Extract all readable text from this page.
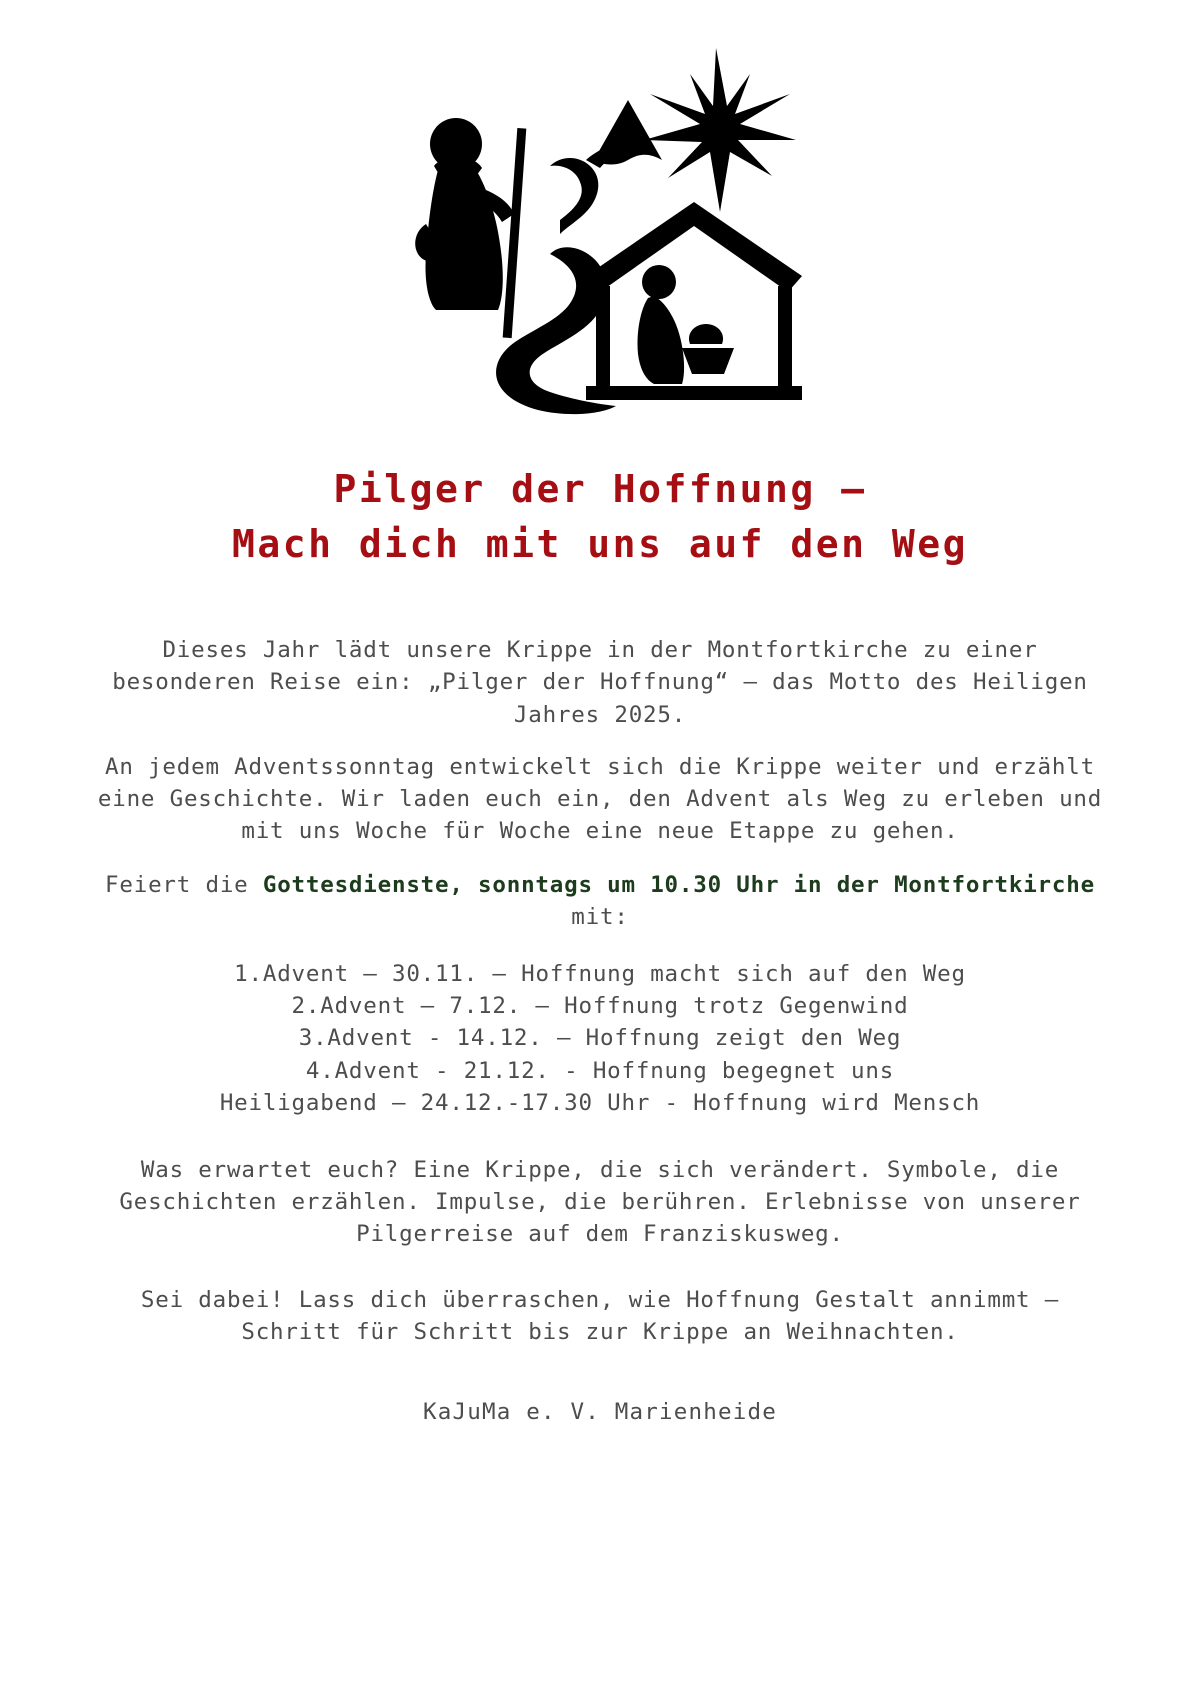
Pilger der Hoffnung –
Mach dich mit uns auf den Weg

Dieses Jahr lädt unsere Krippe in der Montfortkirche zu einer besonderen Reise ein: „Pilger der Hoffnung“ – das Motto des Heiligen Jahres 2025.

An jedem Adventssonntag entwickelt sich die Krippe weiter und erzählt eine Geschichte. Wir laden euch ein, den Advent als Weg zu erleben und mit uns Woche für Woche eine neue Etappe zu gehen.

Feiert die Gottesdienste, sonntags um 10.30 Uhr in der Montfortkirche mit:

1.Advent – 30.11. – Hoffnung macht sich auf den Weg
2.Advent – 7.12. – Hoffnung trotz Gegenwind
3.Advent - 14.12. – Hoffnung zeigt den Weg
4.Advent - 21.12. - Hoffnung begegnet uns
Heiligabend – 24.12.-17.30 Uhr - Hoffnung wird Mensch

Was erwartet euch? Eine Krippe, die sich verändert. Symbole, die Geschichten erzählen. Impulse, die berühren. Erlebnisse von unserer Pilgerreise auf dem Franziskusweg.

Sei dabei! Lass dich überraschen, wie Hoffnung Gestalt annimmt – Schritt für Schritt bis zur Krippe an Weihnachten.

KaJuMa e. V. Marienheide
